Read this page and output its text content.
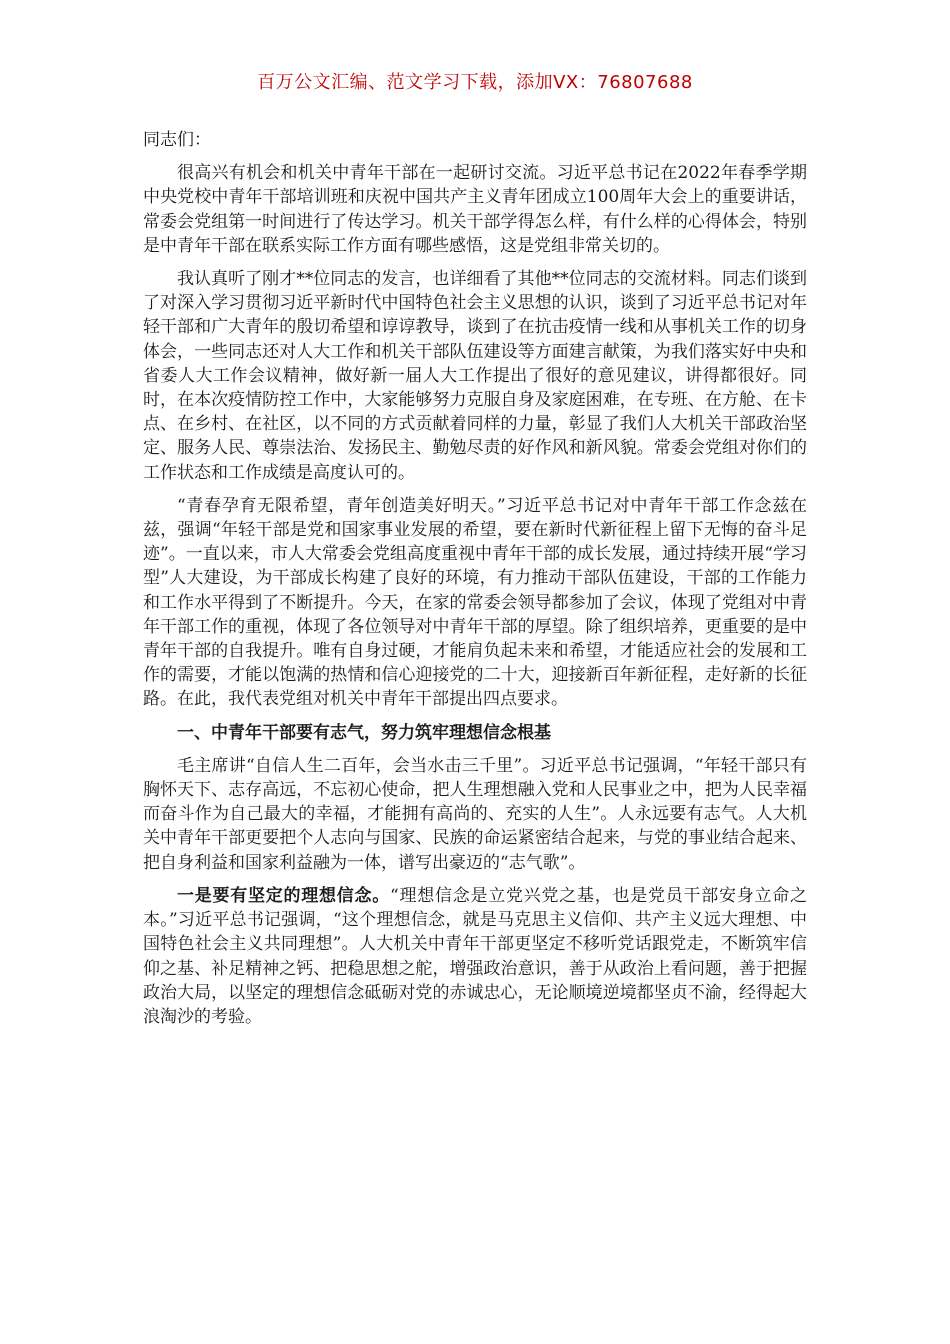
百万公文汇编、范文学习下载，添加VX：76807688

同志们：

很高兴有机会和机关中青年干部在一起研讨交流。习近平总书记在2022年春季学期中央党校中青年干部培训班和庆祝中国共产主义青年团成立100周年大会上的重要讲话，常委会党组第一时间进行了传达学习。机关干部学得怎么样，有什么样的心得体会，特别是中青年干部在联系实际工作方面有哪些感悟，这是党组非常关切的。

我认真听了刚才**位同志的发言，也详细看了其他**位同志的交流材料。同志们谈到了对深入学习贯彻习近平新时代中国特色社会主义思想的认识，谈到了习近平总书记对年轻干部和广大青年的殷切希望和谆谆教导，谈到了在抗击疫情一线和从事机关工作的切身体会，一些同志还对人大工作和机关干部队伍建设等方面建言献策，为我们落实好中央和省委人大工作会议精神，做好新一届人大工作提出了很好的意见建议，讲得都很好。同时，在本次疫情防控工作中，大家能够努力克服自身及家庭困难，在专班、在方舱、在卡点、在乡村、在社区，以不同的方式贡献着同样的力量，彰显了我们人大机关干部政治坚定、服务人民、尊崇法治、发扬民主、勤勉尽责的好作风和新风貌。常委会党组对你们的工作状态和工作成绩是高度认可的。

“青春孕育无限希望，青年创造美好明天。”习近平总书记对中青年干部工作念兹在兹，强调“年轻干部是党和国家事业发展的希望，要在新时代新征程上留下无悔的奋斗足迹”。一直以来，市人大常委会党组高度重视中青年干部的成长发展，通过持续开展“学习型”人大建设，为干部成长构建了良好的环境，有力推动干部队伍建设，干部的工作能力和工作水平得到了不断提升。今天，在家的常委会领导都参加了会议，体现了党组对中青年干部工作的重视，体现了各位领导对中青年干部的厚望。除了组织培养，更重要的是中青年干部的自我提升。唯有自身过硬，才能肩负起未来和希望，才能适应社会的发展和工作的需要，才能以饱满的热情和信心迎接党的二十大，迎接新百年新征程，走好新的长征路。在此，我代表党组对机关中青年干部提出四点要求。

一、中青年干部要有志气，努力筑牢理想信念根基

毛主席讲“自信人生二百年，会当水击三千里”。习近平总书记强调，“年轻干部只有胸怀天下、志存高远，不忘初心使命，把人生理想融入党和人民事业之中，把为人民幸福而奋斗作为自己最大的幸福，才能拥有高尚的、充实的人生”。人永远要有志气。人大机关中青年干部更要把个人志向与国家、民族的命运紧密结合起来，与党的事业结合起来、把自身利益和国家利益融为一体，谱写出豪迈的“志气歌”。

一是要有坚定的理想信念。“理想信念是立党兴党之基，也是党员干部安身立命之本。”习近平总书记强调，“这个理想信念，就是马克思主义信仰、共产主义远大理想、中国特色社会主义共同理想”。人大机关中青年干部更坚定不移听党话跟党走，不断筑牢信仰之基、补足精神之钙、把稳思想之舵，增强政治意识，善于从政治上看问题，善于把握政治大局，以坚定的理想信念砥砺对党的赤诚忠心，无论顺境逆境都坚贞不渝，经得起大浪淘沙的考验。
